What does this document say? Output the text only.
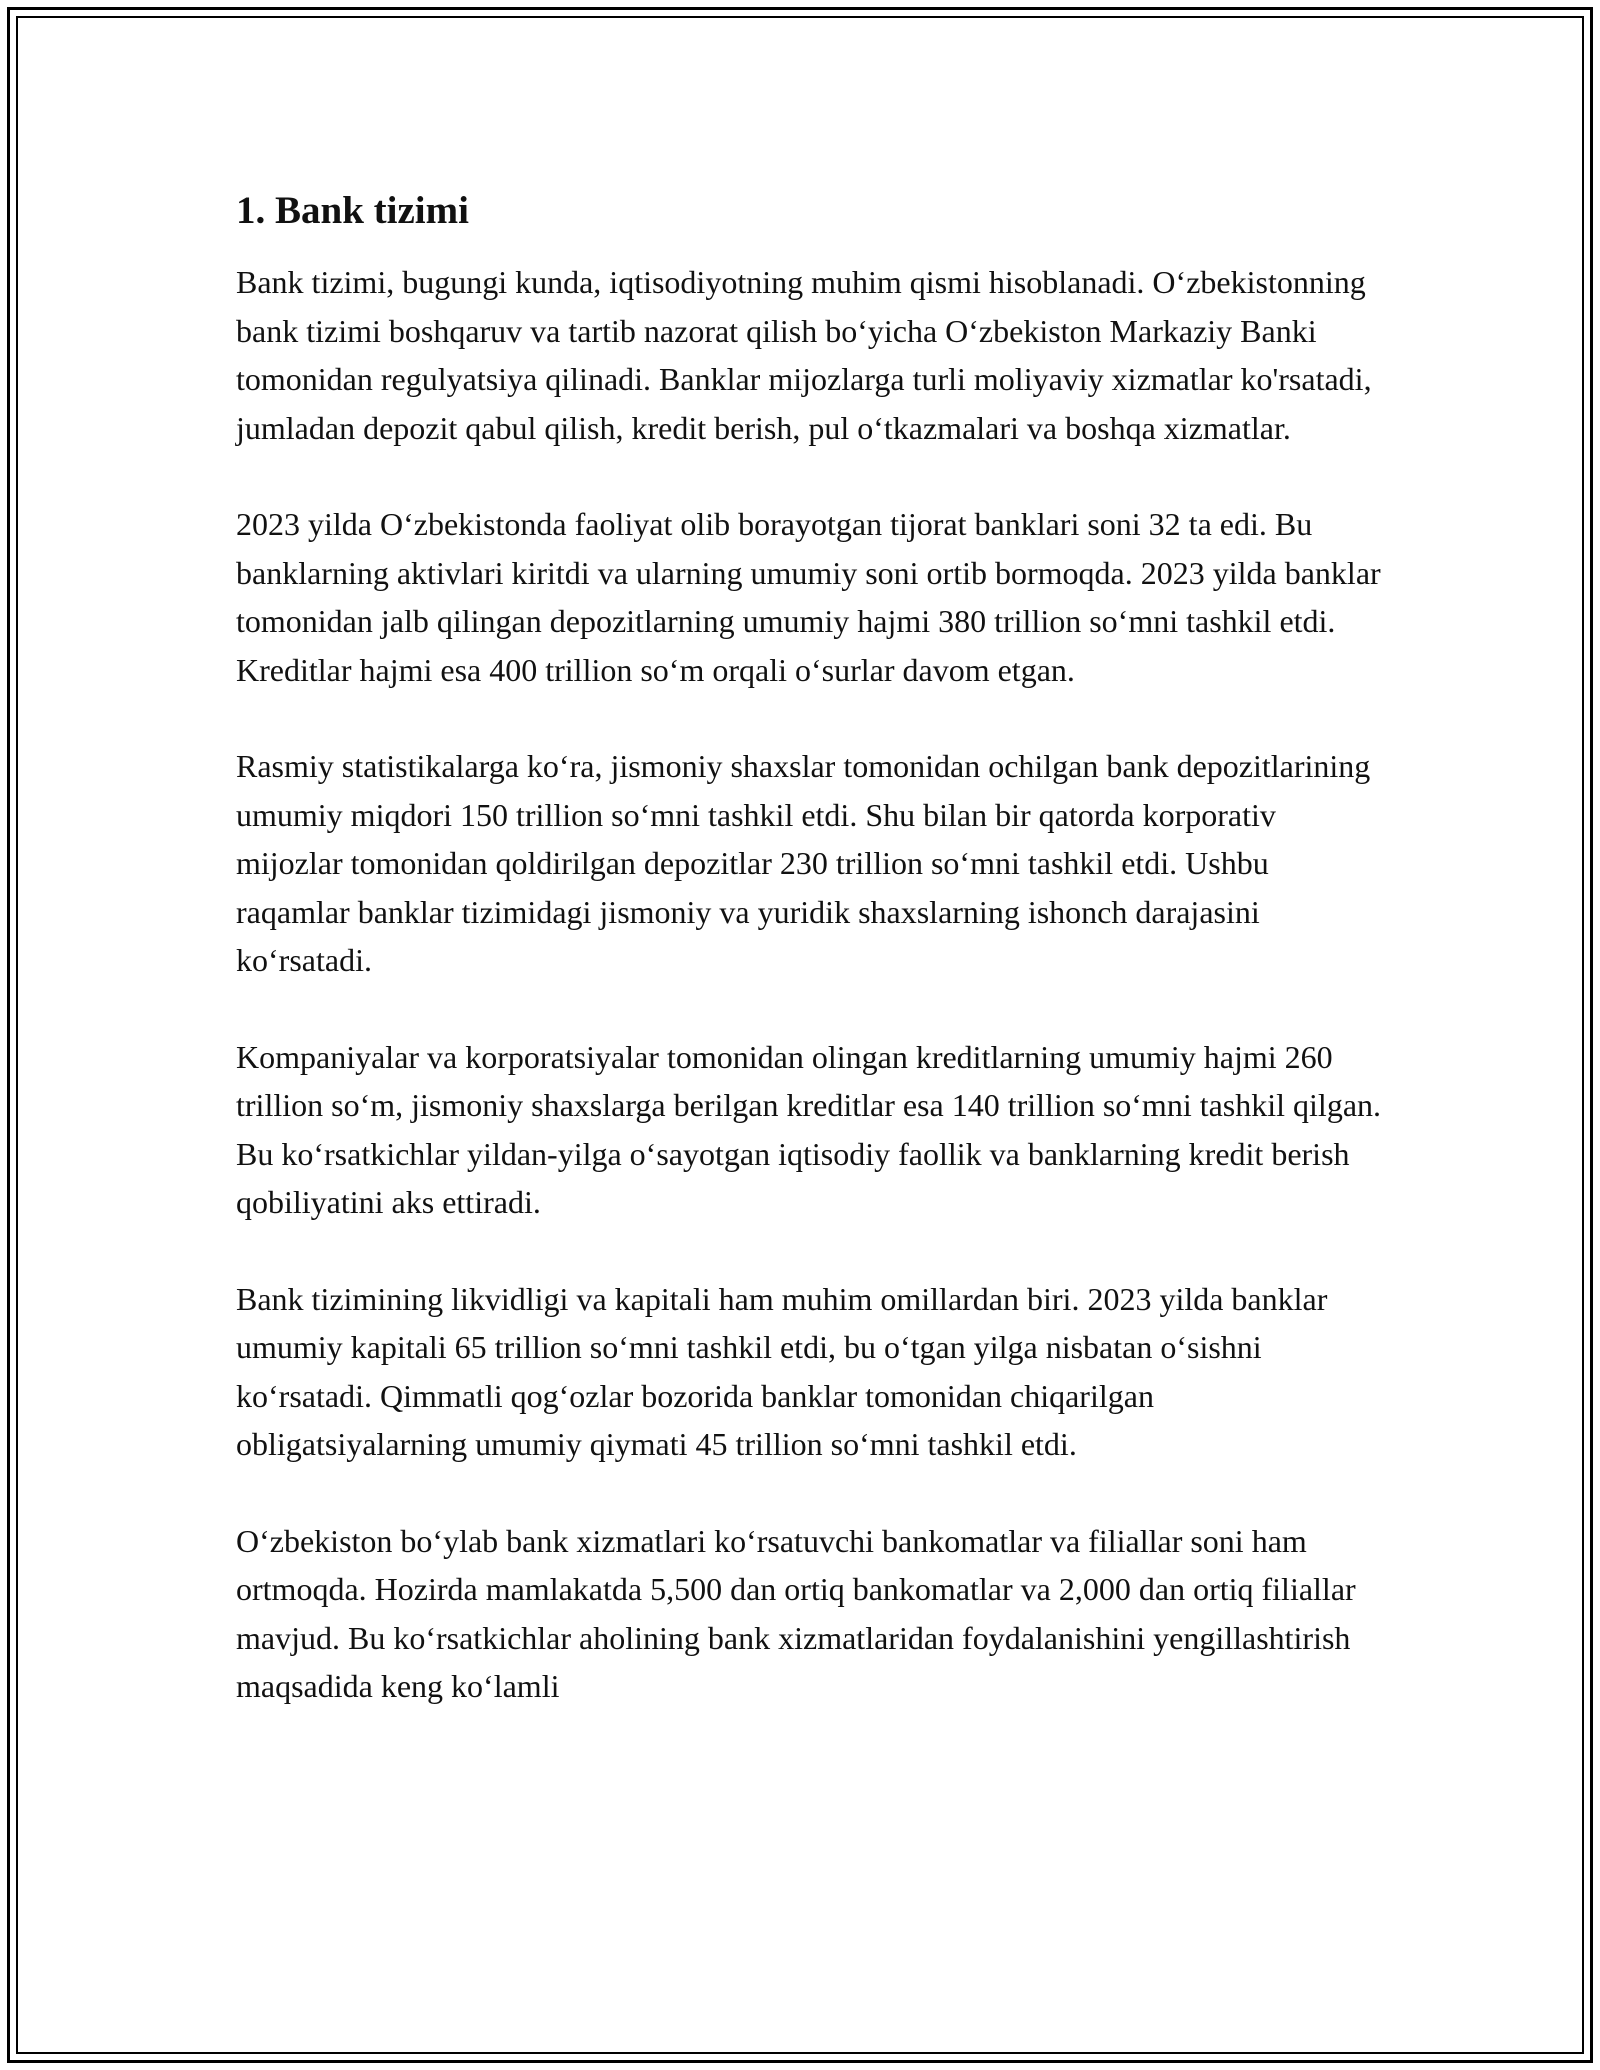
1. Bank tizimi

Bank tizimi, bugungi kunda, iqtisodiyotning muhim qismi hisoblanadi. O‘zbekistonning bank tizimi boshqaruv va tartib nazorat qilish bo‘yicha O‘zbekiston Markaziy Banki tomonidan regulyatsiya qilinadi. Banklar mijozlarga turli moliyaviy xizmatlar ko'rsatadi, jumladan depozit qabul qilish, kredit berish, pul o‘tkazmalari va boshqa xizmatlar.

2023 yilda O‘zbekistonda faoliyat olib borayotgan tijorat banklari soni 32 ta edi. Bu banklarning aktivlari kiritdi va ularning umumiy soni ortib bormoqda. 2023 yilda banklar tomonidan jalb qilingan depozitlarning umumiy hajmi 380 trillion so‘mni tashkil etdi. Kreditlar hajmi esa 400 trillion so‘m orqali o‘surlar davom etgan.

Rasmiy statistikalarga ko‘ra, jismoniy shaxslar tomonidan ochilgan bank depozitlarining umumiy miqdori 150 trillion so‘mni tashkil etdi. Shu bilan bir qatorda korporativ mijozlar tomonidan qoldirilgan depozitlar 230 trillion so‘mni tashkil etdi. Ushbu raqamlar banklar tizimidagi jismoniy va yuridik shaxslarning ishonch darajasini ko‘rsatadi.

Kompaniyalar va korporatsiyalar tomonidan olingan kreditlarning umumiy hajmi 260 trillion so‘m, jismoniy shaxslarga berilgan kreditlar esa 140 trillion so‘mni tashkil qilgan. Bu ko‘rsatkichlar yildan-yilga o‘sayotgan iqtisodiy faollik va banklarning kredit berish qobiliyatini aks ettiradi.

Bank tizimining likvidligi va kapitali ham muhim omillardan biri. 2023 yilda banklar umumiy kapitali 65 trillion so‘mni tashkil etdi, bu o‘tgan yilga nisbatan o‘sishni ko‘rsatadi. Qimmatli qog‘ozlar bozorida banklar tomonidan chiqarilgan obligatsiyalarning umumiy qiymati 45 trillion so‘mni tashkil etdi.

O‘zbekiston bo‘ylab bank xizmatlari ko‘rsatuvchi bankomatlar va filiallar soni ham ortmoqda. Hozirda mamlakatda 5,500 dan ortiq bankomatlar va 2,000 dan ortiq filiallar mavjud. Bu ko‘rsatkichlar aholining bank xizmatlaridan foydalanishini yengillashtirish maqsadida keng ko‘lamli
